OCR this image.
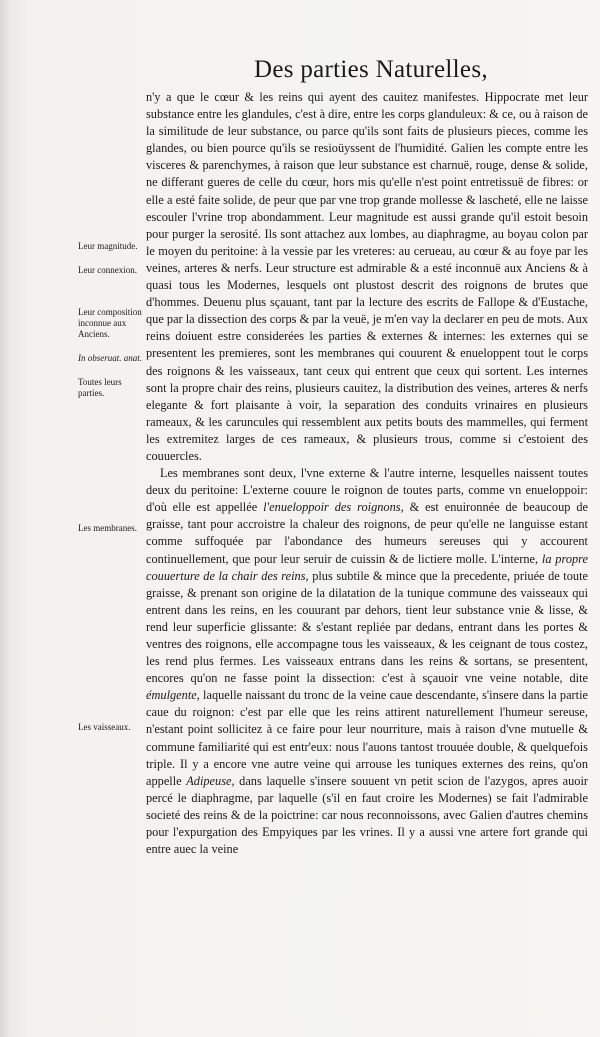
Des parties Naturelles,
Leur magnitude.
Leur connexion.
Leur composition inconnue aux Anciens.
In obseruat. anat.
Toutes leurs parties.
Les membranes.
Les vaisseaux.

n'y a que le cœur & les reins qui ayent des cauitez manifestes. Hippocrate met leur substance entre les glandules, c'est à dire, entre les corps glanduleux: & ce, ou à raison de la similitude de leur substance, ou parce qu'ils sont faits de plusieurs pieces, comme les glandes, ou bien pource qu'ils se resioüyssent de l'humidité. Galien les compte entre les visceres & parenchymes, à raison que leur substance est charnuë, rouge, dense & solide, ne differant gueres de celle du cœur, hors mis qu'elle n'est point entretissuë de fibres: or elle a esté faite solide, de peur que par vne trop grande mollesse & lascheté, elle ne laisse escouler l'vrine trop abondamment. Leur magnitude est aussi grande qu'il estoit besoin pour purger la serosité. Ils sont attachez aux lombes, au diaphragme, au boyau colon par le moyen du peritoine: à la vessie par les vreteres: au cerueau, au cœur & au foye par les veines, arteres & nerfs. Leur structure est admirable & a esté inconnuë aux Anciens & à quasi tous les Modernes, lesquels ont plustost descrit des roignons de brutes que d'hommes. Deuenu plus sçauant, tant par la lecture des escrits de Fallope & d'Eustache, que par la dissection des corps & par la veuë, je m'en vay la declarer en peu de mots. Aux reins doiuent estre considerées les parties & externes & internes: les externes qui se presentent les premieres, sont les membranes qui couurent & enueloppent tout le corps des roignons & les vaisseaux, tant ceux qui entrent que ceux qui sortent. Les internes sont la propre chair des reins, plusieurs cauitez, la distribution des veines, arteres & nerfs elegante & fort plaisante à voir, la separation des conduits vrinaires en plusieurs rameaux, & les caruncules qui ressemblent aux petits bouts des mammelles, qui ferment les extremitez larges de ces rameaux, & plusieurs trous, comme si c'estoient des couuercles.

Les membranes sont deux, l'vne externe & l'autre interne, lesquelles naissent toutes deux du peritoine: L'externe couure le roignon de toutes parts, comme vn enueloppoir: d'où elle est appellée l'enueloppoir des roignons, & est enuironnée de beaucoup de graisse, tant pour accroistre la chaleur des roignons, de peur qu'elle ne languisse estant comme suffoquée par l'abondance des humeurs sereuses qui y accourent continuellement, que pour leur seruir de cuissin & de lictiere molle. L'interne, la propre couuerture de la chair des reins, plus subtile & mince que la precedente, priuée de toute graisse, & prenant son origine de la dilatation de la tunique commune des vaisseaux qui entrent dans les reins, en les couurant par dehors, tient leur substance vnie & lisse, & rend leur superficie glissante: & s'estant repliée par dedans, entrant dans les portes & ventres des roignons, elle accompagne tous les vaisseaux, & les ceignant de tous costez, les rend plus fermes. Les vaisseaux entrans dans les reins & sortans, se presentent, encores qu'on ne fasse point la dissection: c'est à sçauoir vne veine notable, dite émulgente, laquelle naissant du tronc de la veine caue descendante, s'insere dans la partie caue du roignon: c'est par elle que les reins attirent naturellement l'humeur sereuse, n'estant point sollicitez à ce faire pour leur nourriture, mais à raison d'vne mutuelle & commune familiarité qui est entr'eux: nous l'auons tantost trouuée double, & quelquefois triple. Il y a encore vne autre veine qui arrouse les tuniques externes des reins, qu'on appelle Adipeuse, dans laquelle s'insere souuent vn petit scion de l'azygos, apres auoir percé le diaphragme, par laquelle (s'il en faut croire les Modernes) se fait l'admirable societé des reins & de la poictrine: car nous reconnoissons, avec Galien d'autres chemins pour l'expurgation des Empyiques par les vrines. Il y a aussi vne artere fort grande qui entre auec la veine
